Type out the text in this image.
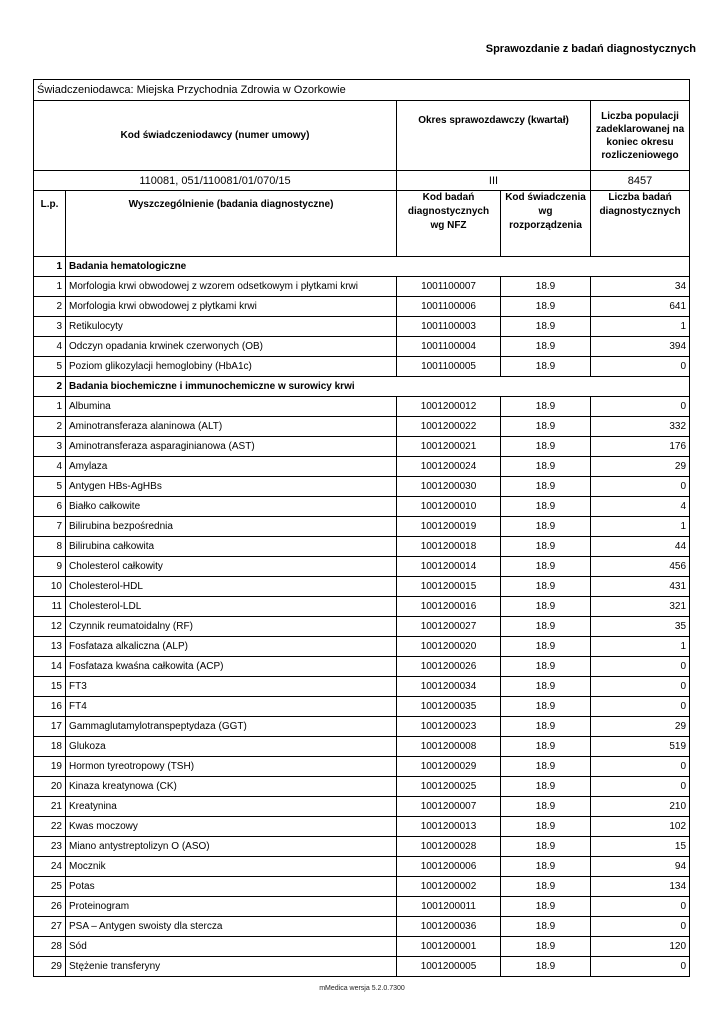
Sprawozdanie z badań diagnostycznych
Świadczeniodawca: Miejska Przychodnia Zdrowia w Ozorkowie				
Kod świadczeniodawcy (numer umowy)		Okres sprawozdawczy (kwartał)		Liczba populacji zadeklarowanej na koniec okresu rozliczeniowego
110081, 051/110081/01/070/15		III		8457
L.p.	Wyszczególnienie (badania diagnostyczne)	Kod badań diagnostycznych wg NFZ	Kod świadczenia wg rozporządzenia	Liczba badań diagnostycznych
1	Badania hematologiczne			
1	Morfologia krwi obwodowej z wzorem odsetkowym i płytkami krwi	1001100007	18.9	34
2	Morfologia krwi obwodowej z płytkami krwi	1001100006	18.9	641
3	Retikulocyty	1001100003	18.9	1
4	Odczyn opadania krwinek czerwonych (OB)	1001100004	18.9	394
5	Poziom glikozylacji hemoglobiny (HbA1c)	1001100005	18.9	0
2	Badania biochemiczne i immunochemiczne w surowicy krwi			
1	Albumina	1001200012	18.9	0
2	Aminotransferaza alaninowa (ALT)	1001200022	18.9	332
3	Aminotransferaza asparaginianowa (AST)	1001200021	18.9	176
4	Amylaza	1001200024	18.9	29
5	Antygen HBs-AgHBs	1001200030	18.9	0
6	Białko całkowite	1001200010	18.9	4
7	Bilirubina bezpośrednia	1001200019	18.9	1
8	Bilirubina całkowita	1001200018	18.9	44
9	Cholesterol całkowity	1001200014	18.9	456
10	Cholesterol-HDL	1001200015	18.9	431
11	Cholesterol-LDL	1001200016	18.9	321
12	Czynnik reumatoidalny (RF)	1001200027	18.9	35
13	Fosfataza alkaliczna (ALP)	1001200020	18.9	1
14	Fosfataza kwaśna całkowita (ACP)	1001200026	18.9	0
15	FT3	1001200034	18.9	0
16	FT4	1001200035	18.9	0
17	Gammaglutamylotranspeptydaza (GGT)	1001200023	18.9	29
18	Glukoza	1001200008	18.9	519
19	Hormon tyreotropowy (TSH)	1001200029	18.9	0
20	Kinaza kreatynowa (CK)	1001200025	18.9	0
21	Kreatynina	1001200007	18.9	210
22	Kwas moczowy	1001200013	18.9	102
23	Miano antystreptolizyn O (ASO)	1001200028	18.9	15
24	Mocznik	1001200006	18.9	94
25	Potas	1001200002	18.9	134
26	Proteinogram	1001200011	18.9	0
27	PSA – Antygen swoisty dla stercza	1001200036	18.9	0
28	Sód	1001200001	18.9	120
29	Stężenie transferyny	1001200005	18.9	0
mMedica wersja 5.2.0.7300
